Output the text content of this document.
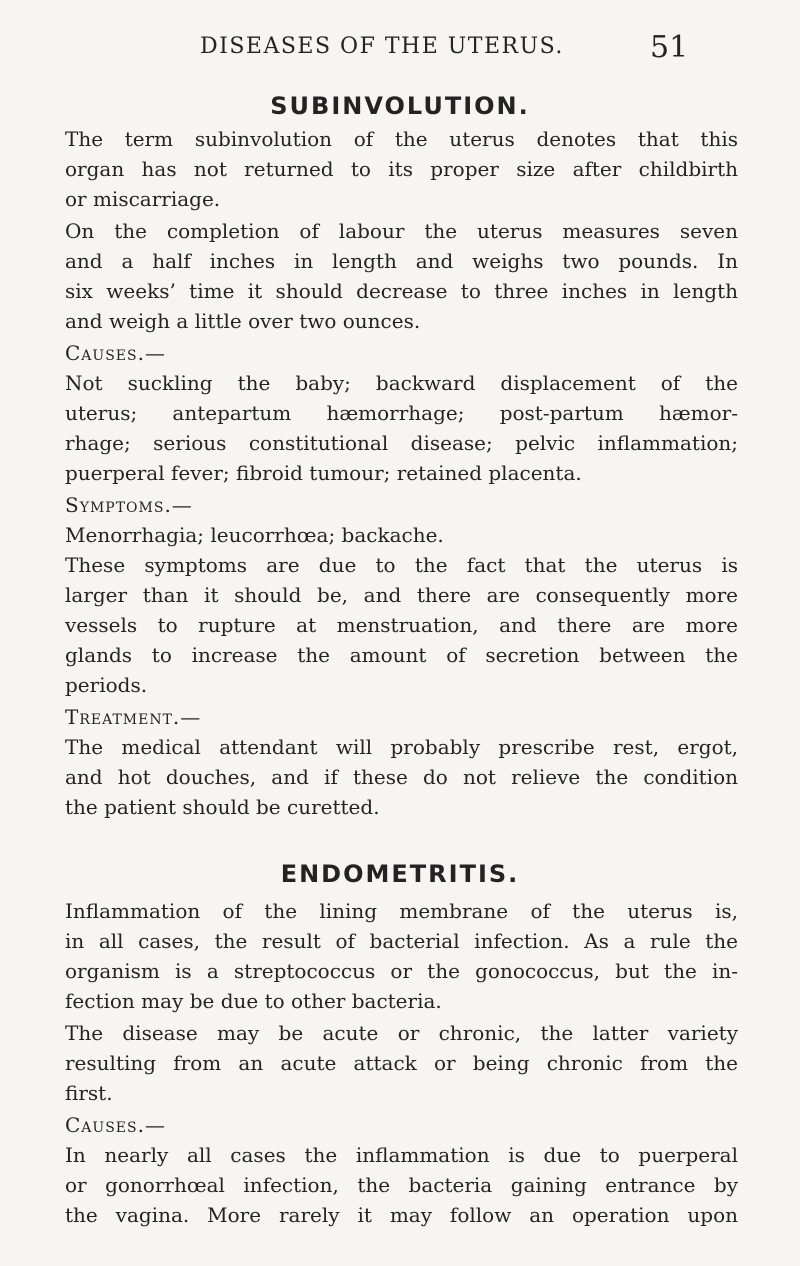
DISEASES OF THE UTERUS.	51
SUBINVOLUTION.
The term subinvolution of the uterus denotes that this
organ has not returned to its proper size after childbirth
or miscarriage.
On the completion of labour the uterus measures seven
and a half inches in length and weighs two pounds. In
six weeks’ time it should decrease to three inches in length
and weigh a little over two ounces.
Causes.—
Not suckling the baby; backward displacement of the
uterus; antepartum hæmorrhage; post-partum hæmor-
rhage; serious constitutional disease; pelvic inflammation;
puerperal fever; fibroid tumour; retained placenta.
Symptoms.—
Menorrhagia; leucorrhœa; backache.
These symptoms are due to the fact that the uterus is
larger than it should be, and there are consequently more
vessels to rupture at menstruation, and there are more
glands to increase the amount of secretion between the
periods.
Treatment.—
The medical attendant will probably prescribe rest, ergot,
and hot douches, and if these do not relieve the condition
the patient should be curetted.
ENDOMETRITIS.
Inflammation of the lining membrane of the uterus is,
in all cases, the result of bacterial infection. As a rule the
organism is a streptococcus or the gonococcus, but the in-
fection may be due to other bacteria.
The disease may be acute or chronic, the latter variety
resulting from an acute attack or being chronic from the
first.
Causes.—
In nearly all cases the inflammation is due to puerperal
or gonorrhœal infection, the bacteria gaining entrance by
the vagina. More rarely it may follow an operation upon
